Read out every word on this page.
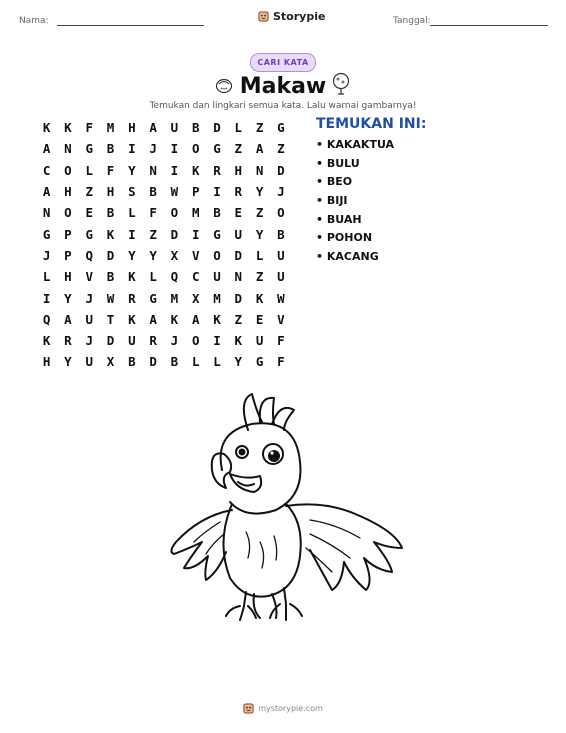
Nama:	Storypie	Tanggal:
CARI KATA
Makaw
Temukan dan lingkari semua kata. Lalu warnai gambarnya!
K	K	F	M	H	A	U	B	D	L	Z	G
A	N	G	B	I	J	I	O	G	Z	A	Z
C	O	L	F	Y	N	I	K	R	H	N	D
A	H	Z	H	S	B	W	P	I	R	Y	J
N	O	E	B	L	F	O	M	B	E	Z	O
G	P	G	K	I	Z	D	I	G	U	Y	B
J	P	Q	D	Y	Y	X	V	O	D	L	U
L	H	V	B	K	L	Q	C	U	N	Z	U
I	Y	J	W	R	G	M	X	M	D	K	W
Q	A	U	T	K	A	K	A	K	Z	E	V
K	R	J	D	U	R	J	O	I	K	U	F
H	Y	U	X	B	D	B	L	L	Y	G	F
TEMUKAN INI:
• KAKAKTUA
• BULU
• BEO
• BIJI
• BUAH
• POHON
• KACANG
mystorypie.com
